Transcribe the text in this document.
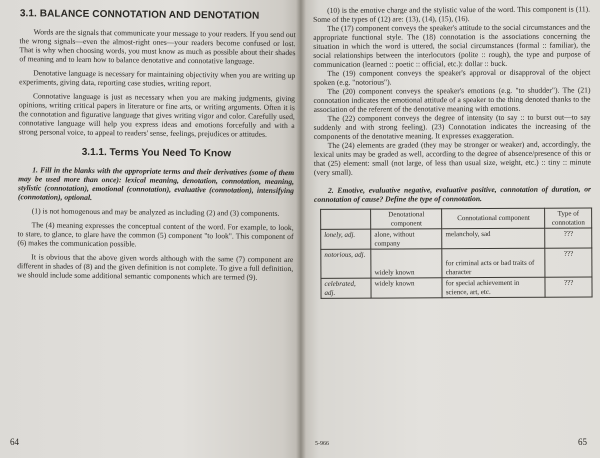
3.1. BALANCE CONNOTATION AND DENOTATION

Words are the signals that communicate your message to your readers. If you send out the wrong signals—even the almost-right ones—your readers become confused or lost. That is why when choosing words, you must know as much as possible about their shades of meaning and to learn how to balance denotative and connotative language.

Denotative language is necessary for maintaining objectivity when you are writing up experiments, giving data, reporting case studies, writing report.

Connotative language is just as necessary when you are making judgments, giving opinions, writing critical papers in literature or fine arts, or writing arguments. Often it is the connotation and figurative language that gives writing vigor and color. Carefully used, connotative language will help you express ideas and emotions forcefully and with a strong personal voice, to appeal to readers' sense, feelings, prejudices or attitudes.

3.1.1. Terms You Need To Know

1. Fill in the blanks with the appropriate terms and their derivatives (some of them may be used more than once): lexical meaning, denotation, connotation, meaning, stylistic (connotation), emotional (connotation), evaluative (connotation), intensifying (connotation), optional.

(1) is not homogenous and may be analyzed as including (2) and (3) components.

The (4) meaning expresses the conceptual content of the word. For example, to look, to stare, to glance, to glare have the common (5) component "to look". This component of (6) makes the communication possible.

It is obvious that the above given words although with the same (7) component are different in shades of (8) and the given definition is not complete. To give a full definition, we should include some additional semantic components which are termed (9).

64

(10) is the emotive charge and the stylistic value of the word. This component is (11). Some of the types of (12) are: (13), (14), (15), (16).

The (17) component conveys the speaker's attitude to the social circumstances and the appropriate functional style. The (18) connotation is the associations concerning the situation in which the word is uttered, the social circumstances (formal :: familiar), the social relationships between the interlocutors (polite :: rough), the type and purpose of communication (learned :: poetic :: official, etc.): dollar :: buck.

The (19) component conveys the speaker's approval or disapproval of the object spoken (e.g. "notorious").

The (20) component conveys the speaker's emotions (e.g. "to shudder"). The (21) connotation indicates the emotional attitude of a speaker to the thing denoted thanks to the association of the referent of the denotative meaning with emotions.

The (22) component conveys the degree of intensity (to say :: to burst out—to say suddenly and with strong feeling). (23) Connotation indicates the increasing of the components of the denotative meaning. It expresses exaggeration.

The (24) elements are graded (they may be stronger or weaker) and, accordingly, the lexical units may be graded as well, according to the degree of absence/presence of this or that (25) element: small (not large, of less than usual size, weight, etc.) :: tiny :: minute (very small).

2. Emotive, evaluative negative, evaluative positive, connotation of duration, or connotation of cause? Define the type of connotation.

	Denotational component	Connotational component	Type of connotation
lonely, adj.	alone, without company	melancholy, sad	???
notorious, adj.	widely known	for criminal acts or bad traits of character	???
celebrated, adj.	widely known	for special achievement in science, art, etc.	???
5-966	65
